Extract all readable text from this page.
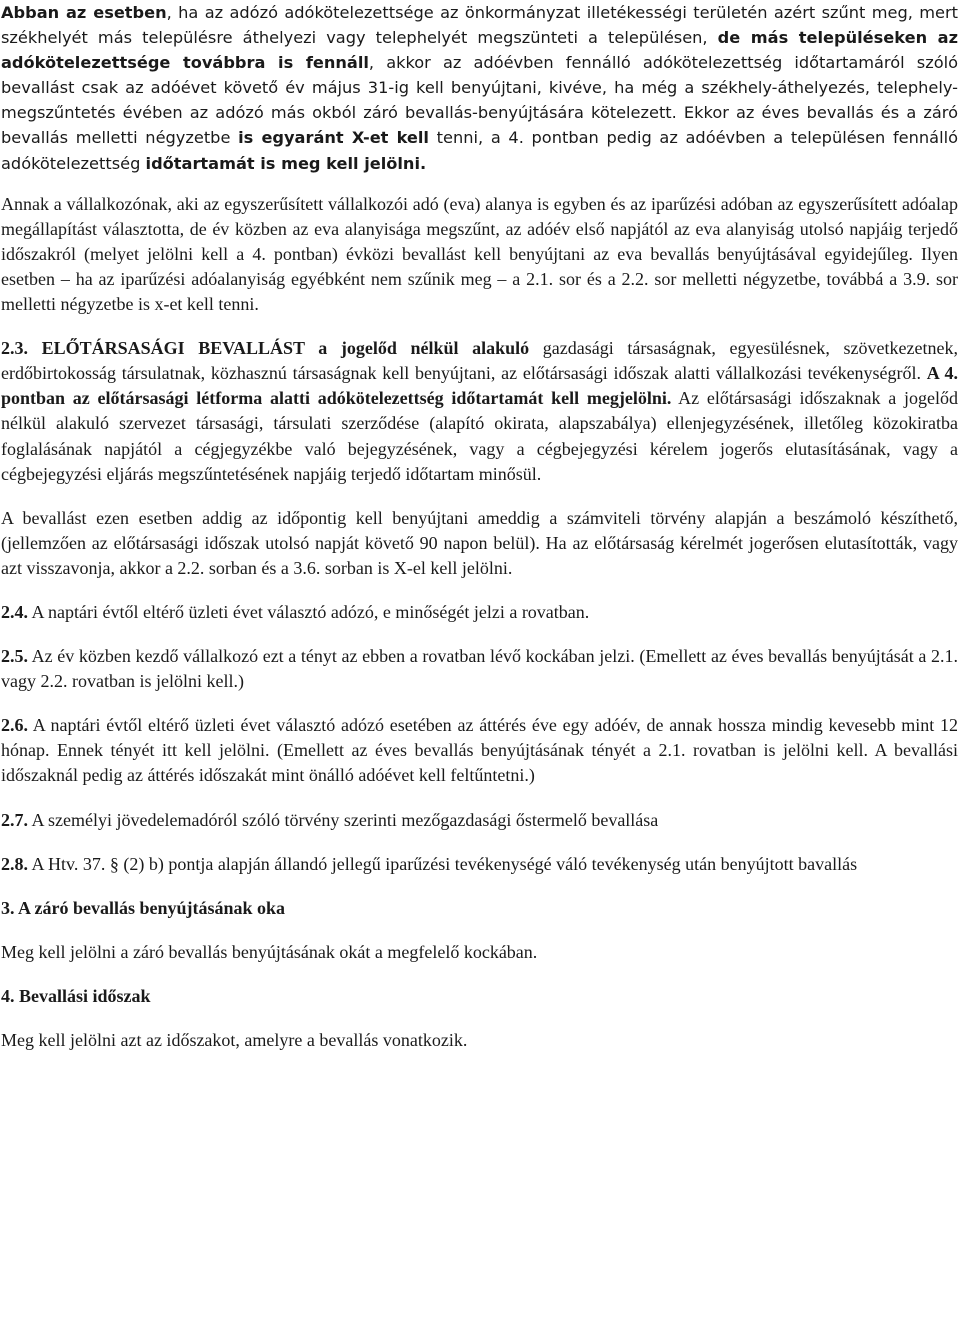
Abban az esetben, ha az adózó adókötelezettsége az önkormányzat illetékességi területén azért szűnt meg, mert székhelyét más településre áthelyezi vagy telephelyét megszünteti a településen, de más településeken az adókötelezettsége továbbra is fennáll, akkor az adóévben fennálló adókötelezettség időtartamáról szóló bevallást csak az adóévet követő év május 31-ig kell benyújtani, kivéve, ha még a székhely-áthelyezés, telephely-megszűntetés évében az adózó más okból záró bevallás-benyújtására kötelezett. Ekkor az éves bevallás és a záró bevallás melletti négyzetbe is egyaránt X-et kell tenni, a 4. pontban pedig az adóévben a településen fennálló adókötelezettség időtartamát is meg kell jelölni.

Annak a vállalkozónak, aki az egyszerűsített vállalkozói adó (eva) alanya is egyben és az iparűzési adóban az egyszerűsített adóalap megállapítást választotta, de év közben az eva alanyisága megszűnt, az adóév első napjától az eva alanyiság utolsó napjáig terjedő időszakról (melyet jelölni kell a 4. pontban) évközi bevallást kell benyújtani az eva bevallás benyújtásával egyidejűleg. Ilyen esetben – ha az iparűzési adóalanyiság egyébként nem szűnik meg – a 2.1. sor és a 2.2. sor melletti négyzetbe, továbbá a 3.9. sor melletti négyzetbe is x-et kell tenni.

2.3. ELŐTÁRSASÁGI BEVALLÁST a jogelőd nélkül alakuló gazdasági társaságnak, egyesülésnek, szövetkezetnek, erdőbirtokosság társulatnak, közhasznú társaságnak kell benyújtani, az előtársasági időszak alatti vállalkozási tevékenységről. A 4. pontban az előtársasági létforma alatti adókötelezettség időtartamát kell megjelölni. Az előtársasági időszaknak a jogelőd nélkül alakuló szervezet társasági, társulati szerződése (alapító okirata, alapszabálya) ellenjegyzésének, illetőleg közokiratba foglalásának napjától a cégjegyzékbe való bejegyzésének, vagy a cégbejegyzési kérelem jogerős elutasításának, vagy a cégbejegyzési eljárás megszűntetésének napjáig terjedő időtartam minősül.

A bevallást ezen esetben addig az időpontig kell benyújtani ameddig a számviteli törvény alapján a beszámoló készíthető, (jellemzően az előtársasági időszak utolsó napját követő 90 napon belül). Ha az előtársaság kérelmét jogerősen elutasították, vagy azt visszavonja, akkor a 2.2. sorban és a 3.6. sorban is X-el kell jelölni.

2.4. A naptári évtől eltérő üzleti évet választó adózó, e minőségét jelzi a rovatban.

2.5. Az év közben kezdő vállalkozó ezt a tényt az ebben a rovatban lévő kockában jelzi. (Emellett az éves bevallás benyújtását a 2.1. vagy 2.2. rovatban is jelölni kell.)

2.6. A naptári évtől eltérő üzleti évet választó adózó esetében az áttérés éve egy adóév, de annak hossza mindig kevesebb mint 12 hónap. Ennek tényét itt kell jelölni. (Emellett az éves bevallás benyújtásának tényét a 2.1. rovatban is jelölni kell. A bevallási időszaknál pedig az áttérés időszakát mint önálló adóévet kell feltűntetni.)

2.7. A személyi jövedelemadóról szóló törvény szerinti mezőgazdasági őstermelő bevallása

2.8. A Htv. 37. § (2) b) pontja alapján állandó jellegű iparűzési tevékenységé váló tevékenység után benyújtott bavallás

3. A záró bevallás benyújtásának oka

Meg kell jelölni a záró bevallás benyújtásának okát a megfelelő kockában.

4. Bevallási időszak

Meg kell jelölni azt az időszakot, amelyre a bevallás vonatkozik.
